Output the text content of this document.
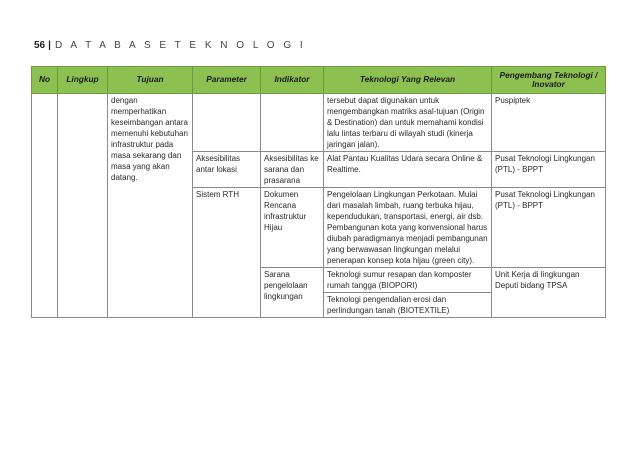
56 | D A T A B A S E T E K N O L O G I
No	Lingkup	Tujuan	Parameter	Indikator	Teknologi Yang Relevan	Pengembang Teknologi / Inovator
		dengan memperhatikan keseimbangan antara memenuhi kebutuhan infrastruktur pada masa sekarang dan masa yang akan datang.			tersebut dapat digunakan untuk mengembangkan matriks asal-tujuan (Origin & Destination) dan untuk memahami kondisi lalu lintas terbaru di wilayah studi (kinerja jaringan jalan).	Puspiptek
			Aksesibilitas antar lokasi	Aksesibilitas ke sarana dan prasarana	Alat Pantau Kualitas Udara secara Online & Realtime.	Pusat Teknologi Lingkungan (PTL) - BPPT
			Sistem RTH	Dokumen Rencana infrastruktur Hijau	Pengelolaan Lingkungan Perkotaan. Mulai dari masalah limbah, ruang terbuka hijau, kependudukan, transportasi, energi, air dsb. Pembangunan kota yang konvensional harus diubah paradigmanya menjadi pembangunan yang berwawasan lingkungan melalui penerapan konsep kota hijau (green city).	Pusat Teknologi Lingkungan (PTL) - BPPT
				Sarana pengelolaan lingkungan	Teknologi sumur resapan dan komposter rumah tangga (BIOPORI)	Unit Kerja di lingkungan Deputi bidang TPSA
					Teknologi pengendalian erosi dan perlindungan tanah (BIOTEXTILE)	
